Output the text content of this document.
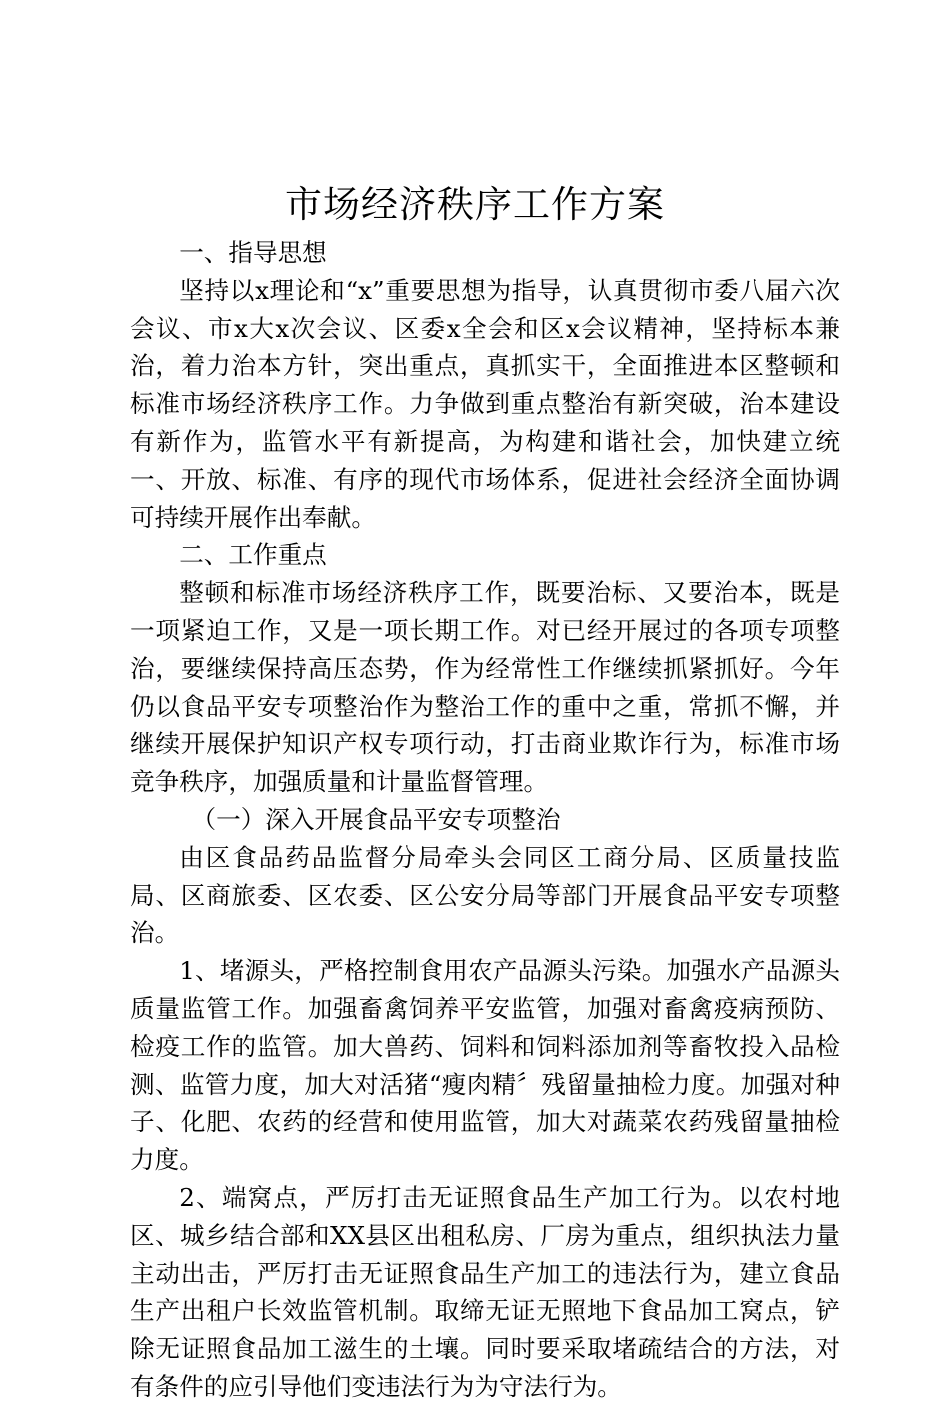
市场经济秩序工作方案

一、指导思想

坚持以x理论和“x”重要思想为指导，认真贯彻市委八届六次会议、市x大x次会议、区委x全会和区x会议精神，坚持标本兼治，着力治本方针，突出重点，真抓实干，全面推进本区整顿和标准市场经济秩序工作。力争做到重点整治有新突破，治本建设有新作为，监管水平有新提高，为构建和谐社会，加快建立统一、开放、标准、有序的现代市场体系，促进社会经济全面协调可持续开展作出奉献。

二、工作重点

整顿和标准市场经济秩序工作，既要治标、又要治本，既是一项紧迫工作，又是一项长期工作。对已经开展过的各项专项整治，要继续保持高压态势，作为经常性工作继续抓紧抓好。今年仍以食品平安专项整治作为整治工作的重中之重，常抓不懈，并继续开展保护知识产权专项行动，打击商业欺诈行为，标准市场竞争秩序，加强质量和计量监督管理。

（一）深入开展食品平安专项整治

由区食品药品监督分局牵头会同区工商分局、区质量技监局、区商旅委、区农委、区公安分局等部门开展食品平安专项整治。

1、堵源头，严格控制食用农产品源头污染。加强水产品源头质量监管工作。加强畜禽饲养平安监管，加强对畜禽疫病预防、检疫工作的监管。加大兽药、饲料和饲料添加剂等畜牧投入品检测、监管力度，加大对活猪“瘦肉精〞残留量抽检力度。加强对种子、化肥、农药的经营和使用监管，加大对蔬菜农药残留量抽检力度。

2、端窝点，严厉打击无证照食品生产加工行为。以农村地区、城乡结合部和XX县区出租私房、厂房为重点，组织执法力量主动出击，严厉打击无证照食品生产加工的违法行为，建立食品生产出租户长效监管机制。取缔无证无照地下食品加工窝点，铲除无证照食品加工滋生的土壤。同时要采取堵疏结合的方法，对有条件的应引导他们变违法行为为守法行为。
